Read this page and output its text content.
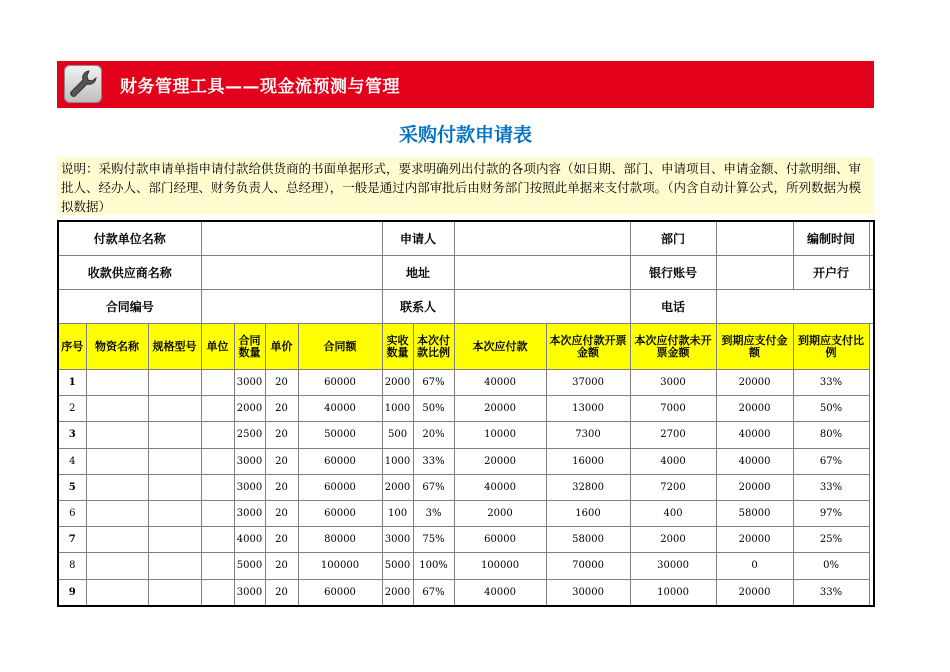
财务管理工具——现金流预测与管理
采购付款申请表
说明：采购付款申请单指申请付款给供货商的书面单据形式，要求明确列出付款的各项内容（如日期、部门、申请项目、申请金额、付款明细、审批人、经办人、部门经理、财务负责人、总经理），一般是通过内部审批后由财务部门按照此单据来支付款项。（内含自动计算公式，所列数据为模拟数据）
付款单位名称							申请人				部门		编制时间	
收款供应商名称							地址				银行账号		开户行	
合同编号							联系人				电话			
序号	物资名称	规格型号	单位	合同数量	单价	合同额	实收数量	本次付款比例	本次应付款	本次应付款开票金额	本次应付款未开票金额	到期应支付金额	到期应支付比例	
1				3000	20	60000	2000	67%	40000	37000	3000	20000	33%	
2				2000	20	40000	1000	50%	20000	13000	7000	20000	50%	
3				2500	20	50000	500	20%	10000	7300	2700	40000	80%	
4				3000	20	60000	1000	33%	20000	16000	4000	40000	67%	
5				3000	20	60000	2000	67%	40000	32800	7200	20000	33%	
6				3000	20	60000	100	3%	2000	1600	400	58000	97%	
7				4000	20	80000	3000	75%	60000	58000	2000	20000	25%	
8				5000	20	100000	5000	100%	100000	70000	30000	0	0%	
9				3000	20	60000	2000	67%	40000	30000	10000	20000	33%	
